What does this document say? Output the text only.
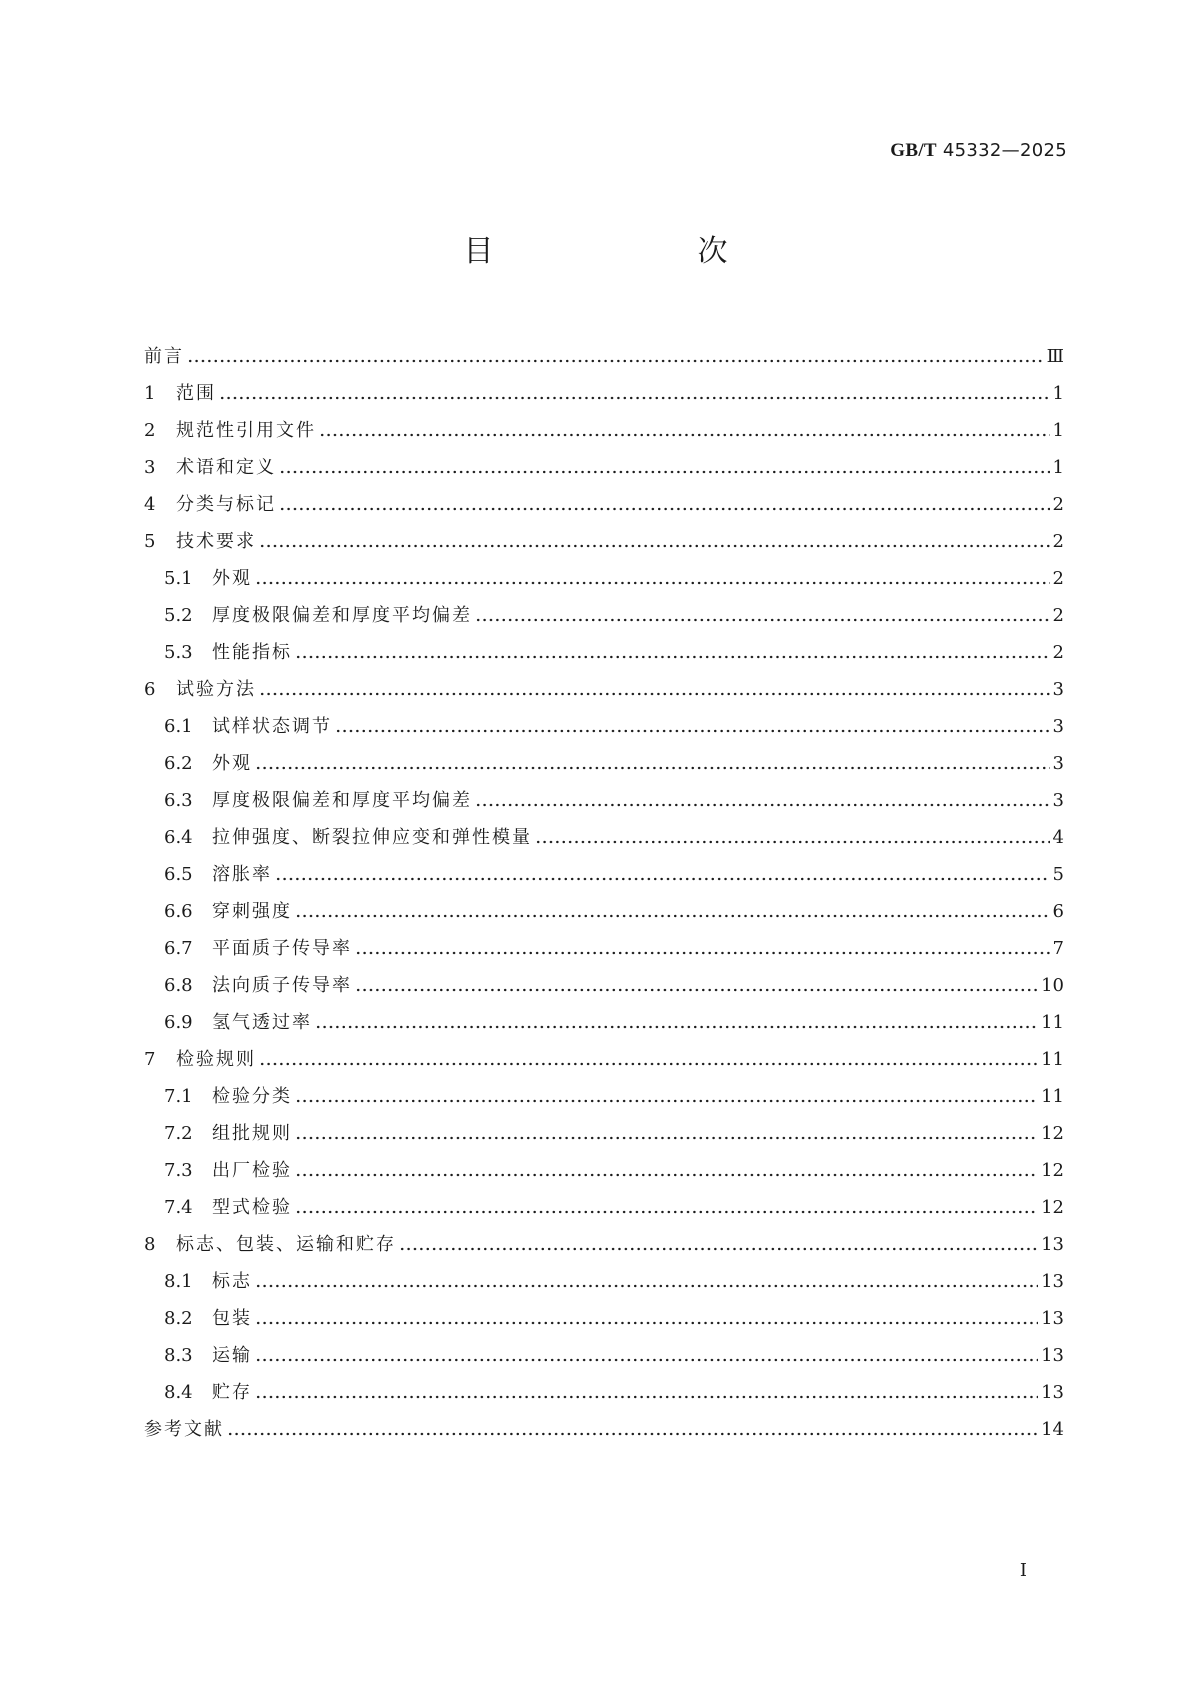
GB/T 45332—2025
目　　次
前言	Ⅲ
1	范围	1
2	规范性引用文件	1
3	术语和定义	1
4	分类与标记	2
5	技术要求	2
5.1	外观	2
5.2	厚度极限偏差和厚度平均偏差	2
5.3	性能指标	2
6	试验方法	3
6.1	试样状态调节	3
6.2	外观	3
6.3	厚度极限偏差和厚度平均偏差	3
6.4	拉伸强度、断裂拉伸应变和弹性模量	4
6.5	溶胀率	5
6.6	穿刺强度	6
6.7	平面质子传导率	7
6.8	法向质子传导率	10
6.9	氢气透过率	11
7	检验规则	11
7.1	检验分类	11
7.2	组批规则	12
7.3	出厂检验	12
7.4	型式检验	12
8	标志、包装、运输和贮存	13
8.1	标志	13
8.2	包装	13
8.3	运输	13
8.4	贮存	13
参考文献	14
Ⅰ
